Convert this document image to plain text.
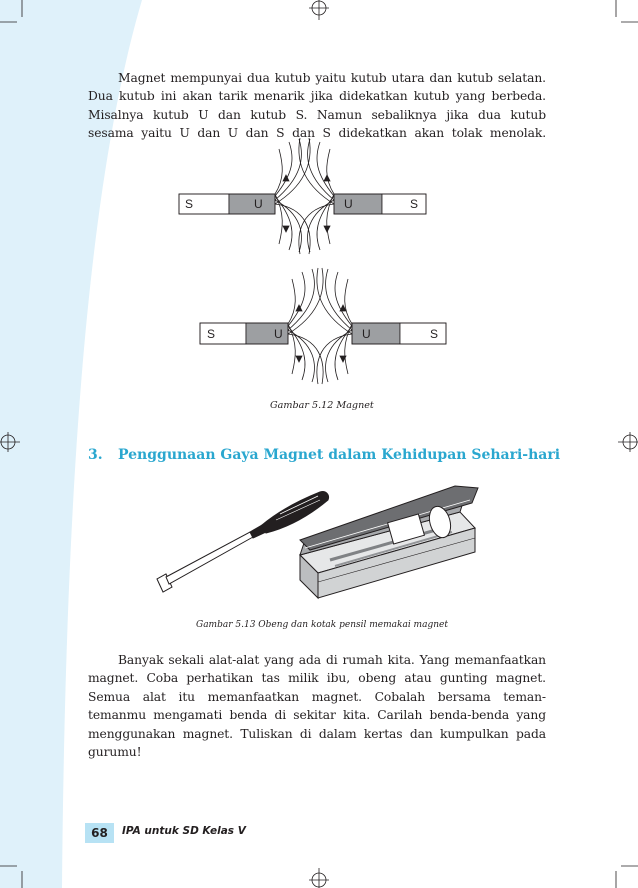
Magnet mempunyai dua kutub yaitu kutub utara dan kutub selatan.
Dua kutub ini akan tarik menarik jika didekatkan kutub yang berbeda.
Misalnya kutub U dan kutub S. Namun sebaliknya jika dua kutub
sesama yaitu U dan U dan S dan S didekatkan akan tolak menolak.

S	U	U	S
S	U	U	S
Gambar 5.12 Magnet
3. Penggunaan Gaya Magnet dalam Kehidupan Sehari-hari
Gambar 5.13 Obeng dan kotak pensil memakai magnet

Banyak sekali alat-alat yang ada di rumah kita. Yang memanfaatkan
magnet. Coba perhatikan tas milik ibu, obeng atau gunting magnet.
Semua alat itu memanfaatkan magnet. Cobalah bersama teman-
temanmu mengamati benda di sekitar kita. Carilah benda-benda yang
menggunakan magnet. Tuliskan di dalam kertas dan kumpulkan pada
gurumu!

68	IPA untuk SD Kelas V
